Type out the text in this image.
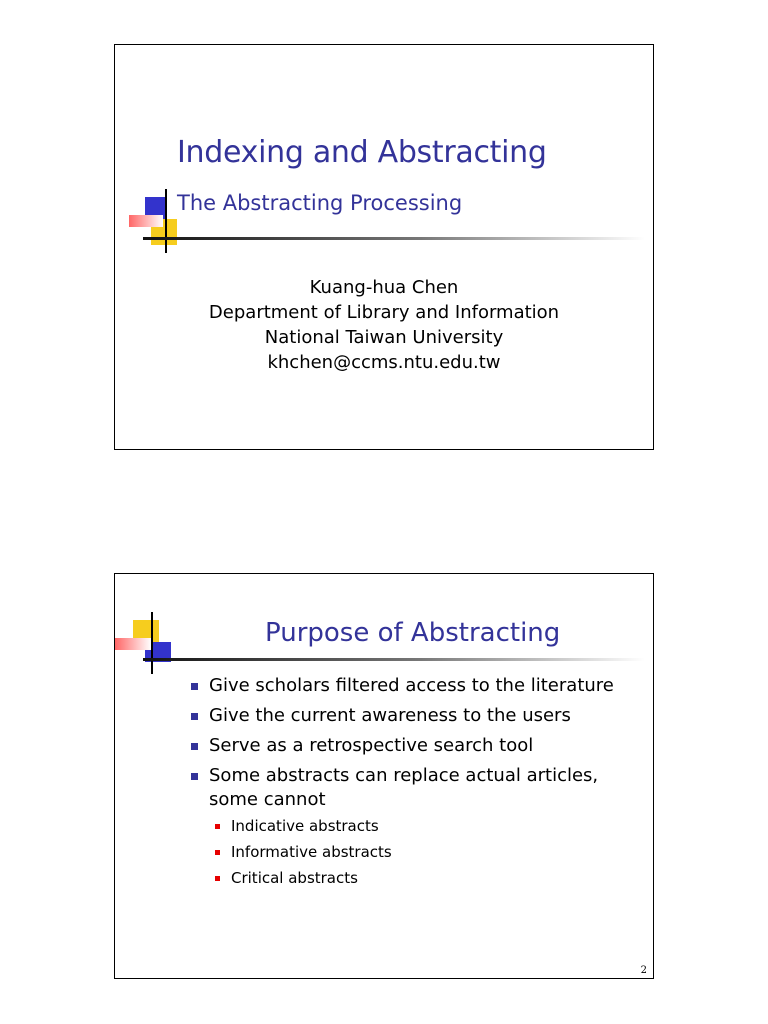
Indexing and Abstracting
The Abstracting Processing
Kuang-hua Chen
Department of Library and Information
National Taiwan University
khchen@ccms.ntu.edu.tw
Purpose of Abstracting
Give scholars filtered access to the literature
Give the current awareness to the users
Serve as a retrospective search tool
Some abstracts can replace actual articles, some cannot
Indicative abstracts
Informative abstracts
Critical abstracts
2
